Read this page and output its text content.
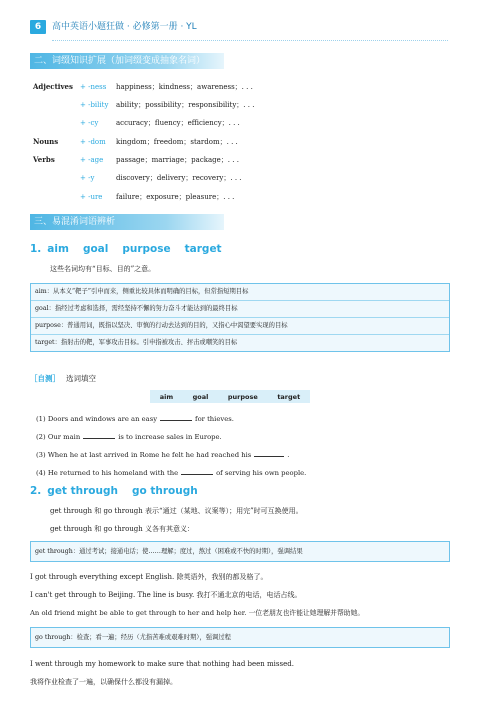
6	高中英语小题狂做 · 必修第一册 · YL
二、词缀知识扩展（加词缀变成抽象名词）
Adjectives + -ness happiness；kindness；awareness；. . .
+ -bility ability；possibility；responsibility；. . .
+ -cy	accuracy；fluency；efficiency；. . .
Nouns	+ -dom kingdom；freedom；stardom；. . .
Verbs	+ -age passage；marriage；package；. . .
+ -y	discovery；delivery；recovery；. . .
+ -ure failure；exposure；pleasure；. . .
三、易混淆词语辨析
1. aim goal purpose target
这些名词均有“目标、目的”之意。
aim：从本义“靶子”引申而来，侧重比较具体而明确的目标，但常指短期目标
goal：指经过考虑和选择，需经坚持不懈的努力奋斗才能达到的最终目标
purpose：普通用词，既指以坚决、审慎的行动去达到的目的，又指心中渴望要实现的目标
target：指射击的靶，军事攻击目标。引申指被攻击、抨击或嘲笑的目标
［自测］ 选词填空
aim	goal	purpose	target
(1) Doors and windows are an easy	for thieves.
(2) Our main	is to increase sales in Europe.
(3) When he at last arrived in Rome he felt he had reached his	.
(4) He returned to his homeland with the	of serving his own people.
2. get through go through
get through 和 go through 表示“通过（某地、议案等）；用完”时可互换使用。
get through 和 go through 义各有其意义：
get through：通过考试；接通电话；使……理解；度过，熬过（困难或不快的时期），强调结果
I got through everything except English. 除英语外，我别的都及格了。
I can't get through to Beijing. The line is busy. 我打不通北京的电话，电话占线。
An old friend might be able to get through to her and help her. 一位老朋友也许能让她理解并帮助她。
go through：检查；看一遍；经历（尤指苦难或艰难时期），强调过程
I went through my homework to make sure that nothing had been missed.
我将作业检查了一遍，以确保什么都没有漏掉。
